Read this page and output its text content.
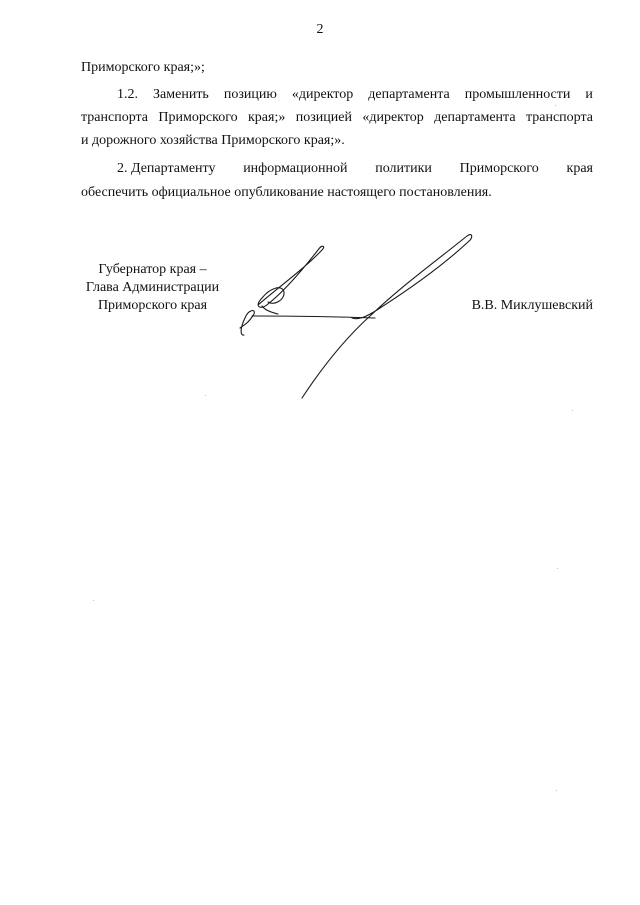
2
Приморского края;»;
1.2. Заменить позицию «директор департамента промышленности и
транспорта Приморского края;» позицией «директор департамента транспорта
и дорожного хозяйства Приморского края;».
2. Департаменту информационной политики Приморского края
обеспечить официальное опубликование настоящего постановления.
Губернатор края –
Глава Администрации
Приморского края	В.В. Миклушевский
